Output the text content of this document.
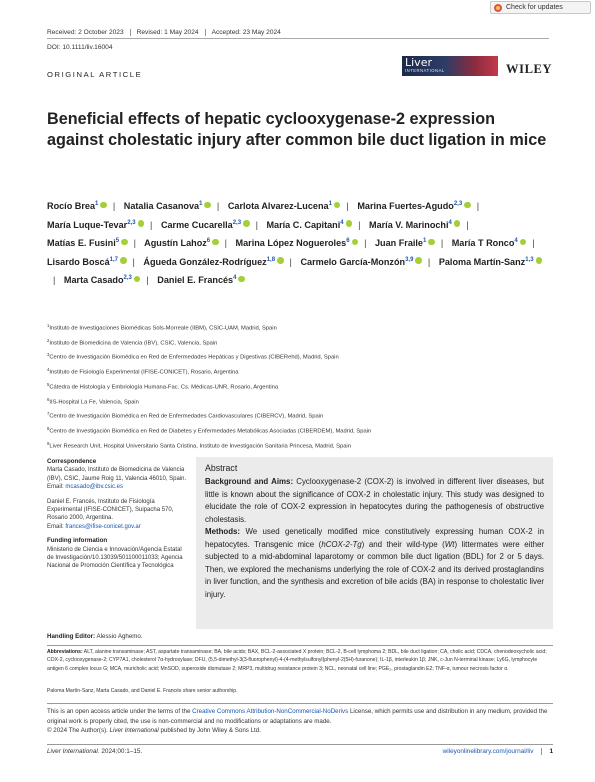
Check for updates
Received: 2 October 2023	Revised: 1 May 2024	Accepted: 23 May 2024
DOI: 10.1111/liv.16004
ORIGINAL ARTICLE
Liver
INTERNATIONAL	WILEY
Beneficial effects of hepatic cyclooxygenase-2 expression against cholestatic injury after common bile duct ligation in mice
Rocío Brea$^1$ | Natalia Casanova$^1$ | Carlota Alvarez-Lucena$^1$ | Marina Fuertes-Agudo$^{2,3}$ | María Luque-Tevar$^{2,3}$ | Carme Cucarella$^{2,3}$ | María C. Capitani$^4$ | María V. Marinochi$^4$ | Matías E. Fusini$^5$ | Agustín Lahoz$^6$ | Marina López Nogueroles$^6$ | Juan Fraile$^1$ | María T Ronco$^4$ | Lisardo Boscá$^{1,7}$ | Águeda González-Rodríguez$^{1,8}$ | Carmelo García-Monzón$^{3,9}$ | Paloma Martín-Sanz$^{1,3}$| Marta Casado$^{2,3}$ | Daniel E. Francés$^4$
$^1$Instituto de Investigaciones Biomédicas Sols-Morreale (IIBM), CSIC-UAM, Madrid, Spain
$^2$Instituto de Biomedicina de Valencia (IBV), CSIC, Valencia, Spain
$^3$Centro de Investigación Biomédica en Red de Enfermedades Hepáticas y Digestivas (CIBERehd), Madrid, Spain
$^4$Instituto de Fisiología Experimental (IFISE-CONICET), Rosario, Argentina
$^5$Cátedra de Histología y Embriología Humana-Fac. Cs. Médicas-UNR, Rosario, Argentina
$^6$IIS-Hospital La Fe, Valencia, Spain
$^7$Centro de Investigación Biomédica en Red de Enfermedades Cardiovasculares (CIBERCV), Madrid, Spain
$^8$Centro de Investigación Biomédica en Red de Diabetes y Enfermedades Metabólicas Asociadas (CIBERDEM), Madrid, Spain
$^9$Liver Research Unit, Hospital Universitario Santa Cristina, Instituto de Investigación Sanitaria Princesa, Madrid, Spain
Correspondence

Marta Casado, Instituto de Biomedicina de Valencia (IBV), CSIC, Jaume Roig 11, Valencia 46010, Spain.
Email: mcasado@ibv.csic.es

Daniel E. Francés, Instituto de Fisiología Experimental (IFISE-CONICET), Suipacha 570, Rosario 2000, Argentina.
Email: frances@ifise-conicet.gov.ar

Funding information

Ministerio de Ciencia e Innovación/Agencia Estatal de Investigación/10.13039/501100011033; Agencia Nacional de Promoción Científica y Tecnológica

Handling Editor: Alessio Aghemo.
Abstract

Background and Aims: Cyclooxygenase-2 (COX-2) is involved in different liver diseases, but little is known about the significance of COX-2 in cholestatic injury. This study was designed to elucidate the role of COX-2 expression in hepatocytes during the pathogenesis of obstructive cholestasis.

Methods: We used genetically modified mice constitutively expressing human COX-2 in hepatocytes. Transgenic mice (hCOX-2-Tg) and their wild-type (Wt) littermates were either subjected to a mid-abdominal laparotomy or common bile duct ligation (BDL) for 2 or 5 days. Then, we explored the mechanisms underlying the role of COX-2 and its derived prostaglandins in liver function, and the synthesis and excretion of bile acids (BA) in response to cholestatic liver injury.

Abbreviations: ALT, alanine transaminase; AST, aspartate transaminase; BA, bile acids; BAX, BCL-2-associated X protein; BCL-2, B-cell lymphoma 2; BDL, bile duct ligation; CA, cholic acid; CDCA, chenodeoxycholic acid; COX-2, cyclooxygenase-2; CYP7A1, cholesterol 7α-hydroxylase; DFU, (5,5-dimethyl-3(3-fluorophenyl)-4-(4-methylsulfonyl)phenyl-2(5H)-furanone); IL-1β, interleukin 1β; JNK, c-Jun N-terminal kinase; Ly6G, lymphocyte antigen 6 complex locus G; MCA, muricholic acid; MnSOD, superoxide dismutase 2; MRP3, multidrug resistance protein 3; NCL, neonatal cell line; PGE₂, prostaglandin E2; TNF-α, tumour necrosis factor α.
Paloma Martín-Sanz, Marta Casado, and Daniel E. Francés share senior authorship.
This is an open access article under the terms of the Creative Commons Attribution-NonCommercial-NoDerivs License, which permits use and distribution in any medium, provided the original work is properly cited, the use is non-commercial and no modifications or adaptations are made.
© 2024 The Author(s). Liver International published by John Wiley & Sons Ltd.
Liver International. 2024;00:1–15.	wileyonlinelibrary.com/journal/liv	1
